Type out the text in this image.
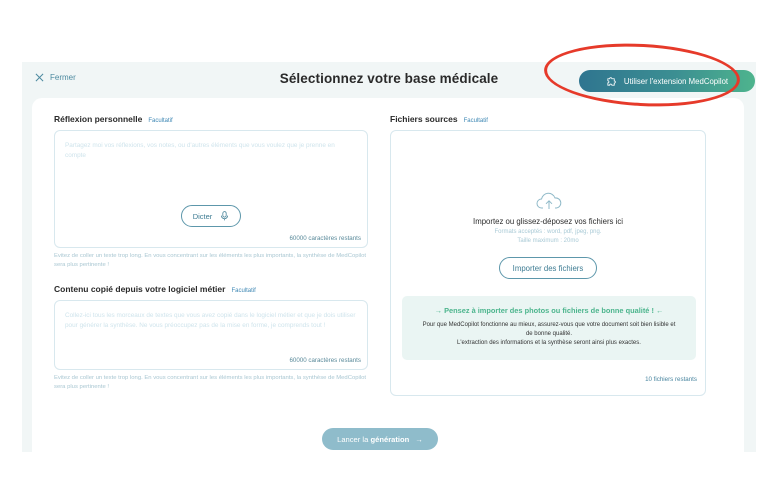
Fermer	Sélectionnez votre base médicale	Utiliser l'extension MedCopilot
Réflexion personnelle Facultatif
Partagez moi vos réflexions, vos notes, ou d'autres éléments que vous voulez que je prenne en compte
Dicter
60000 caractères restants
Evitez de coller un texte trop long. En vous concentrant sur les éléments les plus importants, la synthèse de MedCopilot sera plus pertinente !
Contenu copié depuis votre logiciel métier Facultatif
Collez-ici tous les morceaux de textes que vous avez copié dans le logiciel métier et que je dois utiliser pour générer la synthèse. Ne vous préoccupez pas de la mise en forme, je comprends tout !
60000 caractères restants
Evitez de coller un texte trop long. En vous concentrant sur les éléments les plus importants, la synthèse de MedCopilot sera plus pertinente !
Fichiers sources Facultatif
Importez ou glissez-déposez vos fichiers ici
Formats acceptés : word, pdf, jpeg, png.
Taille maximum : 20mo
Importer des fichiers
→ Pensez à importer des photos ou fichiers de bonne qualité ! ←
Pour que MedCopilot fonctionne au mieux, assurez-vous que votre document soit bien lisible et de bonne qualité.
L'extraction des informations et la synthèse seront ainsi plus exactes.
10 fichiers restants
Lancer la génération →
